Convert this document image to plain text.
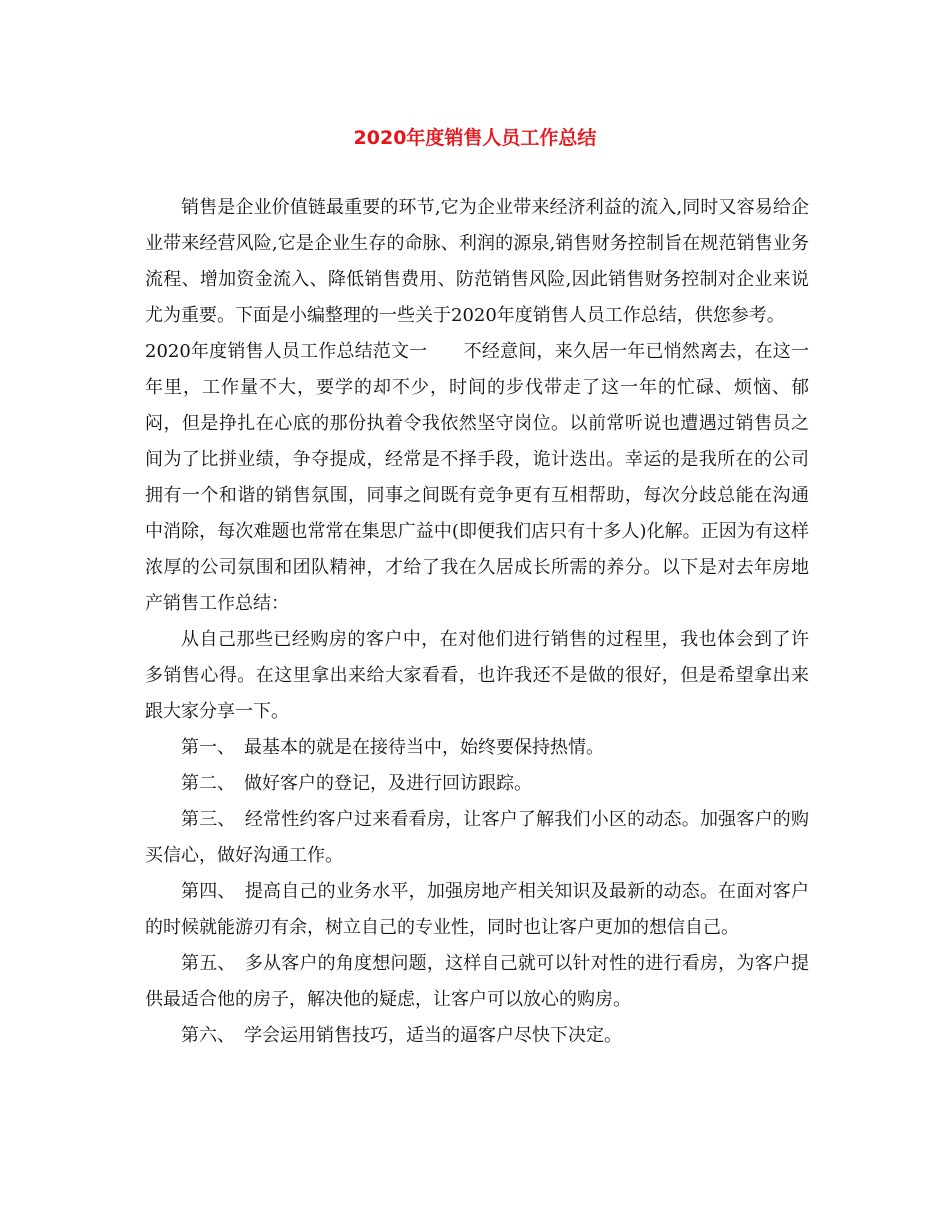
2020年度销售人员工作总结

销售是企业价值链最重要的环节,它为企业带来经济利益的流入,同时又容易给企业带来经营风险,它是企业生存的命脉、利润的源泉,销售财务控制旨在规范销售业务流程、增加资金流入、降低销售费用、防范销售风险,因此销售财务控制对企业来说尤为重要。下面是小编整理的一些关于2020年度销售人员工作总结，供您参考。

2020年度销售人员工作总结范文一　　不经意间，来久居一年已悄然离去，在这一年里，工作量不大，要学的却不少，时间的步伐带走了这一年的忙碌、烦恼、郁闷，但是挣扎在心底的那份执着令我依然坚守岗位。以前常听说也遭遇过销售员之间为了比拼业绩，争夺提成，经常是不择手段，诡计迭出。幸运的是我所在的公司拥有一个和谐的销售氛围，同事之间既有竞争更有互相帮助，每次分歧总能在沟通中消除，每次难题也常常在集思广益中(即便我们店只有十多人)化解。正因为有这样浓厚的公司氛围和团队精神，才给了我在久居成长所需的养分。以下是对去年房地产销售工作总结：

从自己那些已经购房的客户中，在对他们进行销售的过程里，我也体会到了许多销售心得。在这里拿出来给大家看看，也许我还不是做的很好，但是希望拿出来跟大家分享一下。

第一、　最基本的就是在接待当中，始终要保持热情。

第二、　做好客户的登记，及进行回访跟踪。

第三、　经常性约客户过来看看房，让客户了解我们小区的动态。加强客户的购买信心，做好沟通工作。

第四、　提高自己的业务水平，加强房地产相关知识及最新的动态。在面对客户的时候就能游刃有余，树立自己的专业性，同时也让客户更加的想信自己。

第五、　多从客户的角度想问题，这样自己就可以针对性的进行看房，为客户提供最适合他的房子，解决他的疑虑，让客户可以放心的购房。

第六、　学会运用销售技巧，适当的逼客户尽快下决定。
